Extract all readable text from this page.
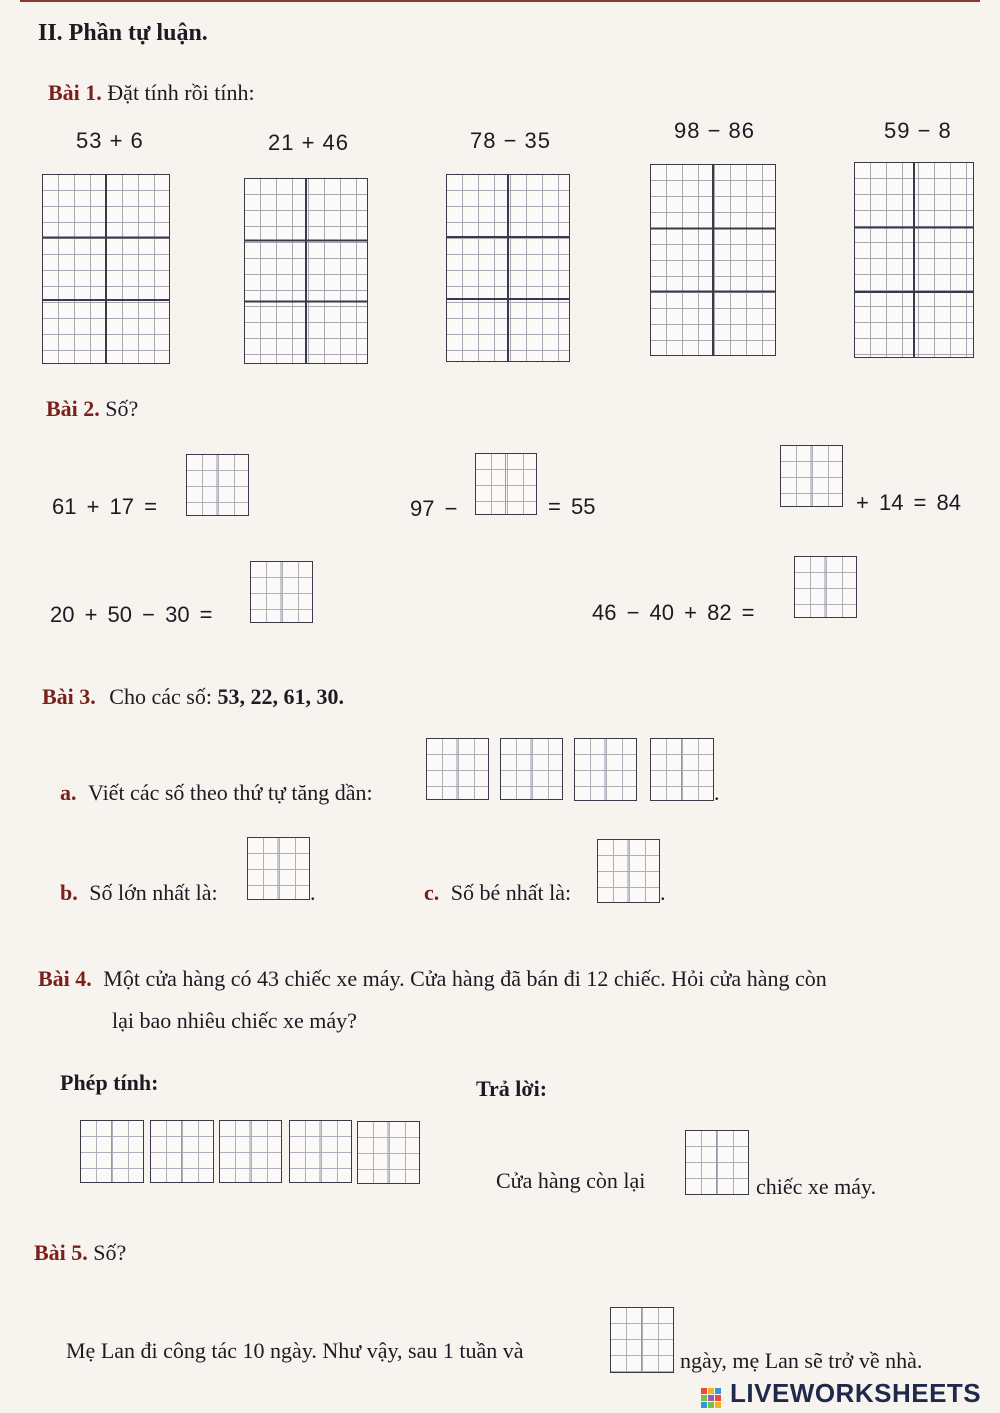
II. Phần tự luận.
Bài 1. Đặt tính rồi tính:
53 + 6	21 + 46	78 − 35	98 − 86	59 − 8
Bài 2. Số?
61 + 17 =	97 −	= 55	+ 14 = 84
20 + 50 − 30 =	46 − 40 + 82 =
Bài 3. Cho các số: 53, 22, 61, 30.
a. Viết các số theo thứ tự tăng dần:	.
b. Số lớn nhất là:	.	c. Số bé nhất là:	.
Bài 4. Một cửa hàng có 43 chiếc xe máy. Cửa hàng đã bán đi 12 chiếc. Hỏi cửa hàng còn
lại bao nhiêu chiếc xe máy?
Phép tính:	Trả lời:
Cửa hàng còn lại	chiếc xe máy.
Bài 5. Số?
Mẹ Lan đi công tác 10 ngày. Như vậy, sau 1 tuần và	ngày, mẹ Lan sẽ trở về nhà.
LIVEWORKSHEETS
